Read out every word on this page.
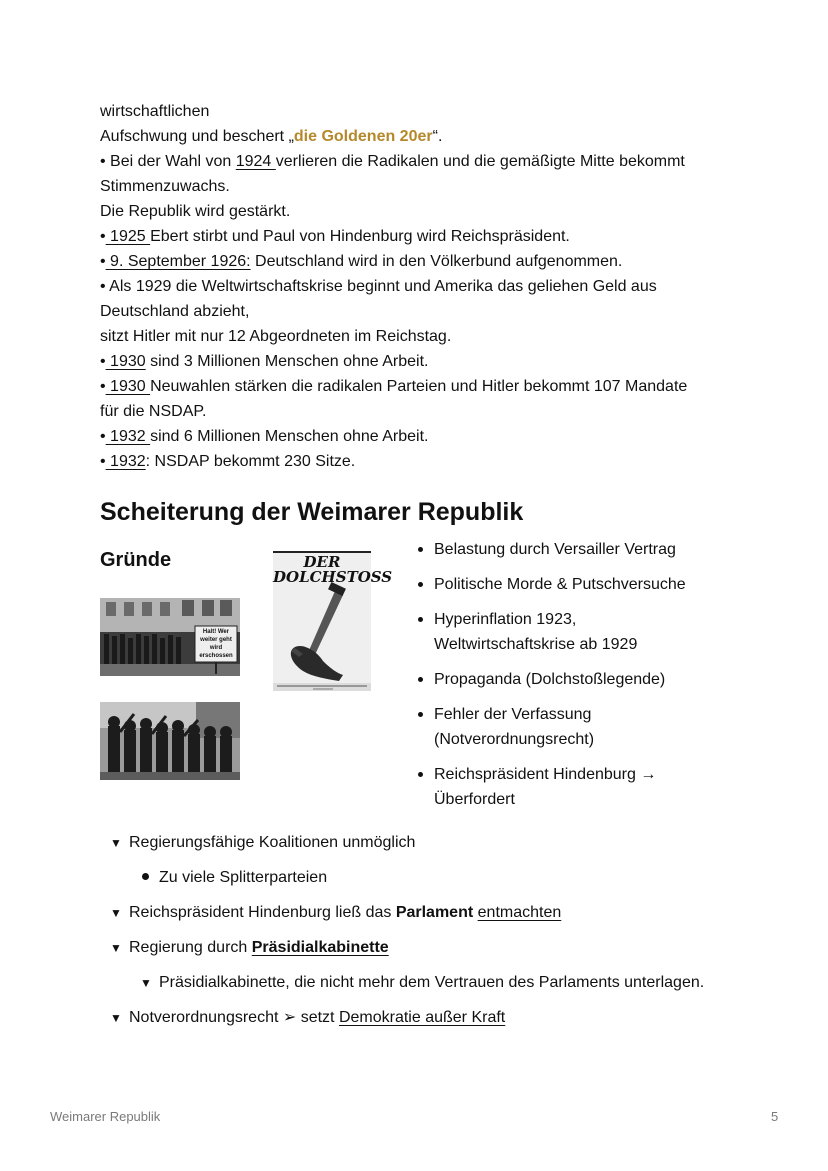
wirtschaftlichen
Aufschwung und beschert „die Goldenen 20er“.
• Bei der Wahl von 1924 verlieren die Radikalen und die gemäßigte Mitte bekommt
Stimmenzuwachs.
Die Republik wird gestärkt.
• 1925 Ebert stirbt und Paul von Hindenburg wird Reichspräsident.
• 9. September 1926: Deutschland wird in den Völkerbund aufgenommen.
• Als 1929 die Weltwirtschaftskrise beginnt und Amerika das geliehen Geld aus
Deutschland abzieht,
sitzt Hitler mit nur 12 Abgeordneten im Reichstag.
• 1930 sind 3 Millionen Menschen ohne Arbeit.
• 1930 Neuwahlen stärken die radikalen Parteien und Hitler bekommt 107 Mandate
für die NSDAP.
• 1932 sind 6 Millionen Menschen ohne Arbeit.
• 1932: NSDAP bekommt 230 Sitze.
Scheiterung der Weimarer Republik
Gründe
Halt! Wer weiter geht wird erschossen
DER DOLCHSTOSS
Belastung durch Versailler Vertrag
Politische Morde & Putschversuche
Hyperinflation 1923, Weltwirtschaftskrise ab 1929
Propaganda (Dolchstoßlegende)
Fehler der Verfassung (Notverordnungsrecht)
Reichspräsident Hindenburg → Überfordert
▼ Regierungsfähige Koalitionen unmöglich
Zu viele Splitterparteien
▼ Reichspräsident Hindenburg ließ das Parlament entmachten
▼ Regierung durch Präsidialkabinette
▼ Präsidialkabinette, die nicht mehr dem Vertrauen des Parlaments unterlagen.
▼ Notverordnungsrecht ➢ setzt Demokratie außer Kraft
Weimarer Republik	5
